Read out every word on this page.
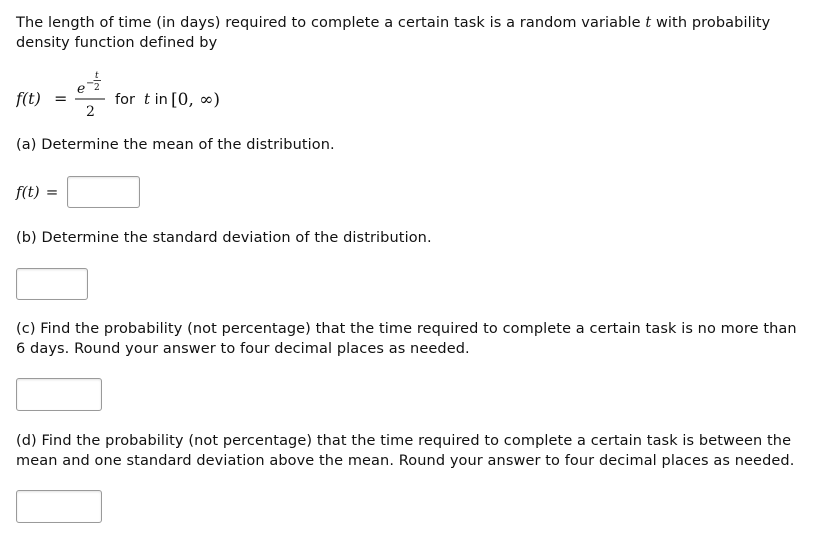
The length of time (in days) required to complete a certain task is a random variable t with probability
density function defined by
f(t) = e −
t
2
2
for t in
[0, ∞)
(a) Determine the mean of the distribution.
f(t) =
(b) Determine the standard deviation of the distribution.
(c) Find the probability (not percentage) that the time required to complete a certain task is no more than
6 days. Round your answer to four decimal places as needed.
(d) Find the probability (not percentage) that the time required to complete a certain task is between the
mean and one standard deviation above the mean. Round your answer to four decimal places as needed.
